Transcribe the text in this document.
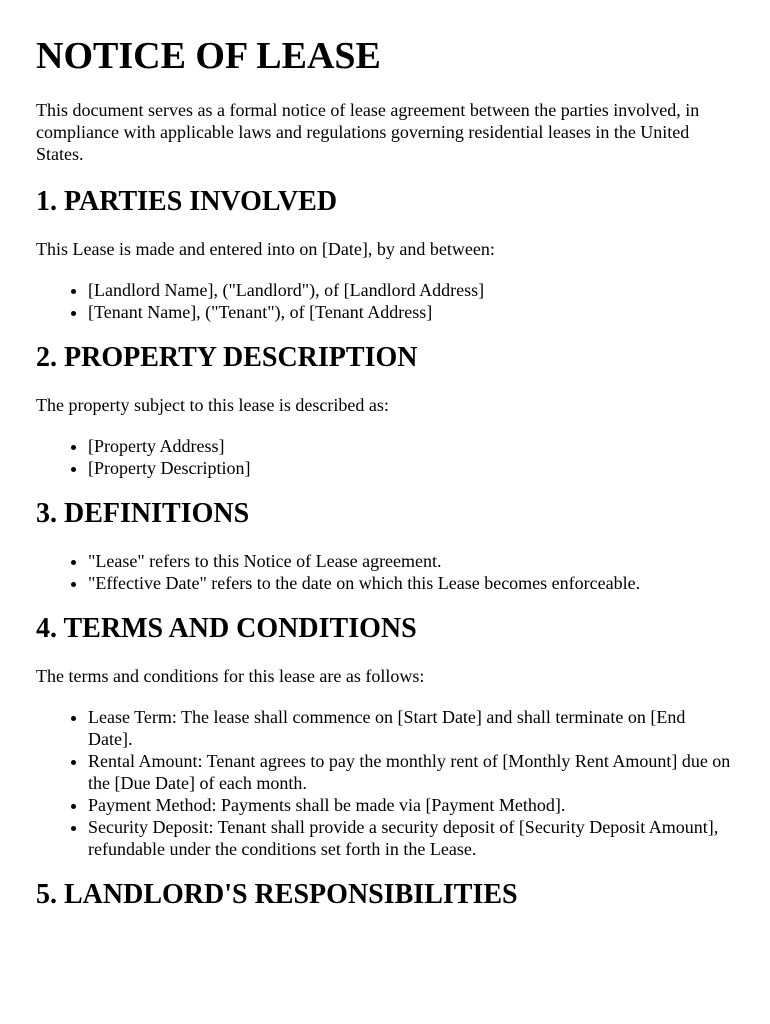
NOTICE OF LEASE

This document serves as a formal notice of lease agreement between the parties involved, in compliance with applicable laws and regulations governing residential leases in the United States.

1. PARTIES INVOLVED

This Lease is made and entered into on [Date], by and between:

• [Landlord Name], ("Landlord"), of [Landlord Address]
• [Tenant Name], ("Tenant"), of [Tenant Address]
2. PROPERTY DESCRIPTION

The property subject to this lease is described as:

• [Property Address]
• [Property Description]
3. DEFINITIONS
• "Lease" refers to this Notice of Lease agreement.
• "Effective Date" refers to the date on which this Lease becomes enforceable.
4. TERMS AND CONDITIONS

The terms and conditions for this lease are as follows:

• Lease Term: The lease shall commence on [Start Date] and shall terminate on [End Date].
• Rental Amount: Tenant agrees to pay the monthly rent of [Monthly Rent Amount] due on the [Due Date] of each month.
• Payment Method: Payments shall be made via [Payment Method].
• Security Deposit: Tenant shall provide a security deposit of [Security Deposit Amount], refundable under the conditions set forth in the Lease.
5. LANDLORD'S RESPONSIBILITIES
